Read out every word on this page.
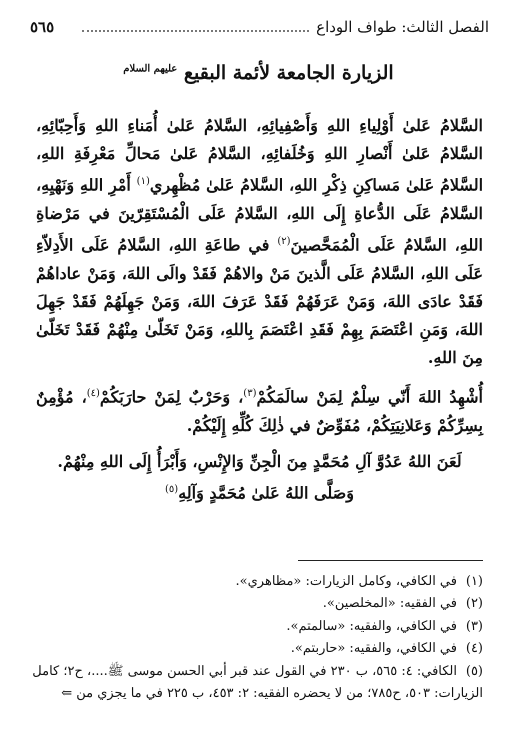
الفصل الثالث: طواف الوداع
٥٦٥
الزيارة الجامعة لأئمة البقيع $^{عليهم السلام}$

السَّلامُ عَلىٰ أَوْلِياءِ اللهِ وَأَصْفِيائِهِ، السَّلامُ عَلىٰ أُمَناءِ اللهِ وَأَحِبّائِهِ، السَّلامُ عَلىٰ أَنْصارِ اللهِ وَخُلَفائِهِ، السَّلامُ عَلىٰ مَحالِّ مَعْرِفَةِ اللهِ، السَّلامُ عَلىٰ مَساكِنِ ذِكْرِ اللهِ، السَّلامُ عَلىٰ مُظْهِري$^{(١)}$ أَمْرِ اللهِ وَنَهْيِهِ، السَّلامُ عَلَى الدُّعاةِ إِلَى اللهِ، السَّلامُ عَلَى الْمُسْتَقِرّينَ في مَرْضاةِ اللهِ، السَّلامُ عَلَى الْمُمَحَّصينَ$^{(٢)}$ في طاعَةِ اللهِ، السَّلامُ عَلَى الأَدِلاّءِ عَلَى اللهِ، السَّلامُ عَلَى الَّذينَ مَنْ والاهُمْ فَقَدْ والَى اللهَ، وَمَنْ عاداهُمْ فَقَدْ عادَى اللهَ، وَمَنْ عَرَفَهُمْ فَقَدْ عَرَفَ اللهَ، وَمَنْ جَهِلَهُمْ فَقَدْ جَهِلَ اللهَ، وَمَنِ اعْتَصَمَ بِهِمْ فَقَدِ اعْتَصَمَ بِاللهِ، وَمَنْ تَخَلّىٰ مِنْهُمْ فَقَدْ تَخَلّىٰ مِنَ اللهِ.

أُشْهِدُ اللهَ أَنّي سِلْمٌ لِمَنْ سالَمَكُمْ$^{(٣)}$، وَحَرْبٌ لِمَنْ حارَبَكُمْ$^{(٤)}$، مُؤْمِنٌ بِسِرِّكُمْ وَعَلانِيَتِكُمْ، مُفَوِّضٌ في ذٰلِكَ كُلِّهِ إِلَيْكُمْ.

لَعَنَ اللهُ عَدُوَّ آلِ مُحَمَّدٍ مِنَ الْجِنِّ وَالإِنْسِ، وَأَبْرَأُ إِلَى اللهِ مِنْهُمْ.

وَصَلَّى اللهُ عَلىٰ مُحَمَّدٍ وَآلِهِ$^{(٥)}$

(١)في الكافي، وكامل الزيارات: «مظاهري».

(٢)في الفقيه: «المخلصين».

(٣)في الكافي، والفقيه: «سالمتم».

(٤)في الكافي، والفقيه: «حاربتم».

(٥)الكافي: ٤: ٥٦٥، ب ٢٣٠ في القول عند قبر أبي الحسن موسى ﷺ....، ح٢؛ كامل

الزيارات: ٥٠٣، ح٧٨٥؛ من لا يحضره الفقيه: ٢: ٤٥٣، ب ٢٢٥ في ما يجزي من ⇐
